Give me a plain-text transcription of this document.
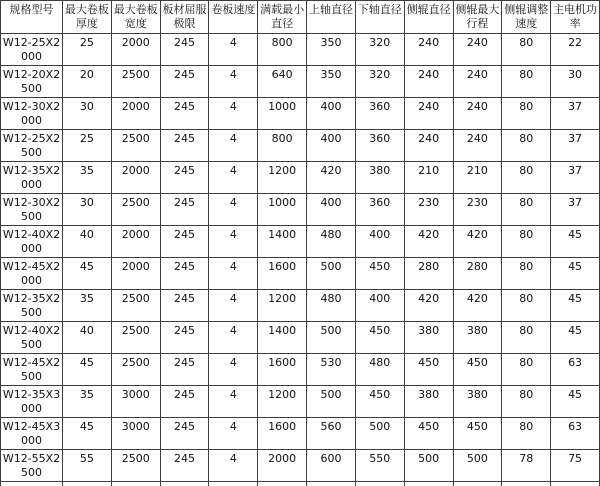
规格型号	最大卷板厚度	最大卷板宽度	板材屈服极限	卷板速度	满载最小直径	上轴直径	下轴直径	侧辊直径	侧辊最大行程	侧辊调整速度	主电机功率
W12-25X2000	25	2000	245	4	800	350	320	240	240	80	22
W12-20X2500	20	2500	245	4	640	350	320	240	240	80	30
W12-30X2000	30	2000	245	4	1000	400	360	240	240	80	37
W12-25X2500	25	2500	245	4	800	400	360	240	240	80	37
W12-35X2000	35	2000	245	4	1200	420	380	210	210	80	37
W12-30X2500	30	2500	245	4	1000	400	360	230	230	80	37
W12-40X2000	40	2000	245	4	1400	480	400	420	420	80	45
W12-45X2000	45	2000	245	4	1600	500	450	280	280	80	45
W12-35X2500	35	2500	245	4	1200	480	400	420	420	80	45
W12-40X2500	40	2500	245	4	1400	500	450	380	380	80	45
W12-45X2500	45	2500	245	4	1600	530	480	450	450	80	63
W12-35X3000	35	3000	245	4	1200	500	450	380	380	80	45
W12-45X3000	45	3000	245	4	1600	560	500	450	450	80	63
W12-55X2500	55	2500	245	4	2000	600	550	500	500	78	75
